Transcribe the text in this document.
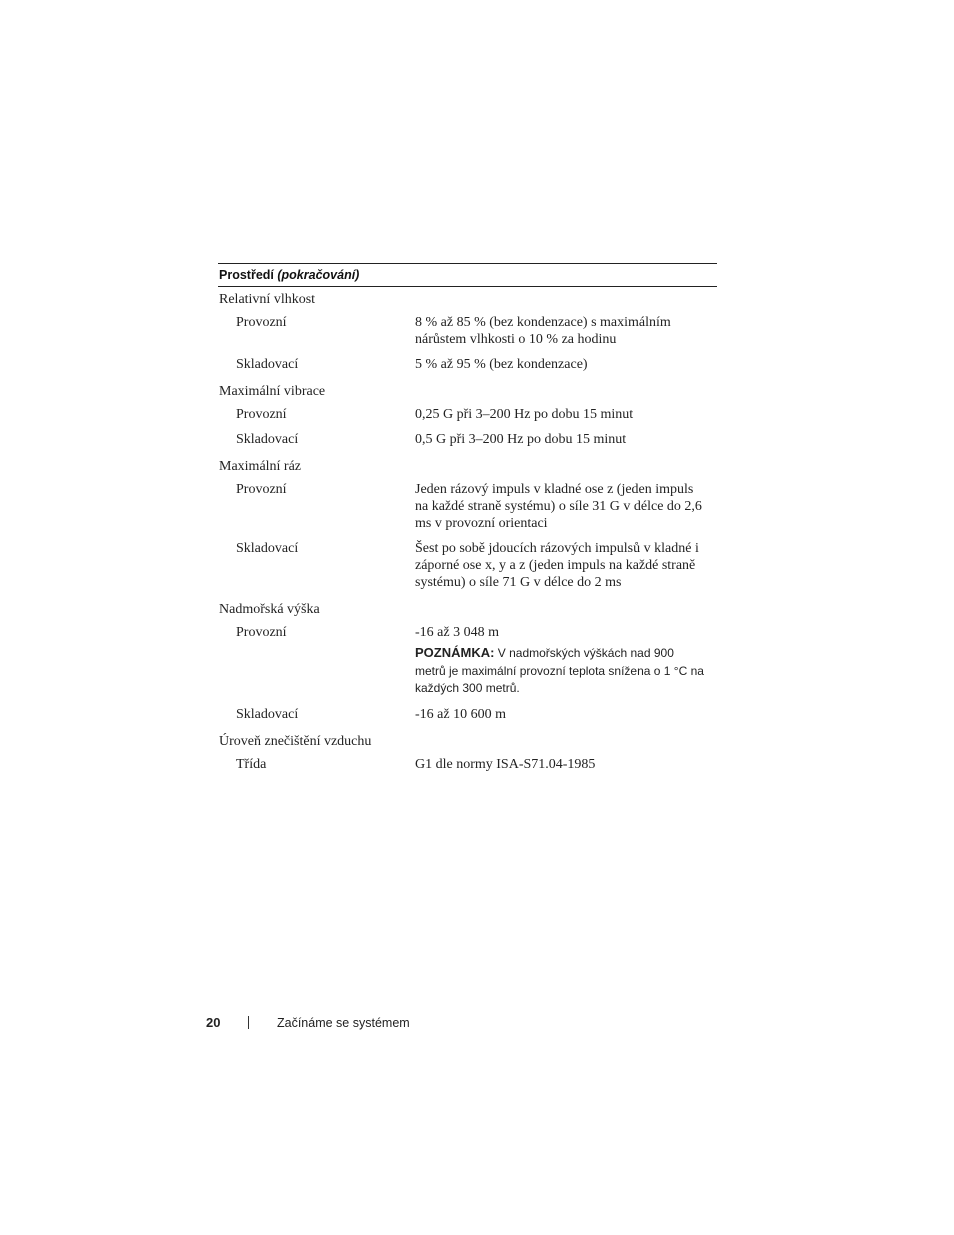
Prostředí (pokračování)
Relativní vlhkost
Provozní	8 % až 85 % (bez kondenzace) s maximálním nárůstem vlhkosti o 10 % za hodinu
Skladovací	5 % až 95 % (bez kondenzace)
Maximální vibrace
Provozní	0,25 G při 3–200 Hz po dobu 15 minut
Skladovací	0,5 G při 3–200 Hz po dobu 15 minut
Maximální ráz
Provozní	Jeden rázový impuls v kladné ose z (jeden impuls na každé straně systému) o síle 31 G v délce do 2,6 ms v provozní orientaci
Skladovací	Šest po sobě jdoucích rázových impulsů v kladné i záporné ose x, y a z (jeden impuls na každé straně systému) o síle 71 G v délce do 2 ms
Nadmořská výška
Provozní	-16 až 3 048 m
POZNÁMKA: V nadmořských výškách nad 900 metrů je maximální provozní teplota snížena o 1 °C na každých 300 metrů.
Skladovací	-16 až 10 600 m
Úroveň znečištění vzduchu
Třída	G1 dle normy ISA-S71.04-1985
20	Začínáme se systémem
